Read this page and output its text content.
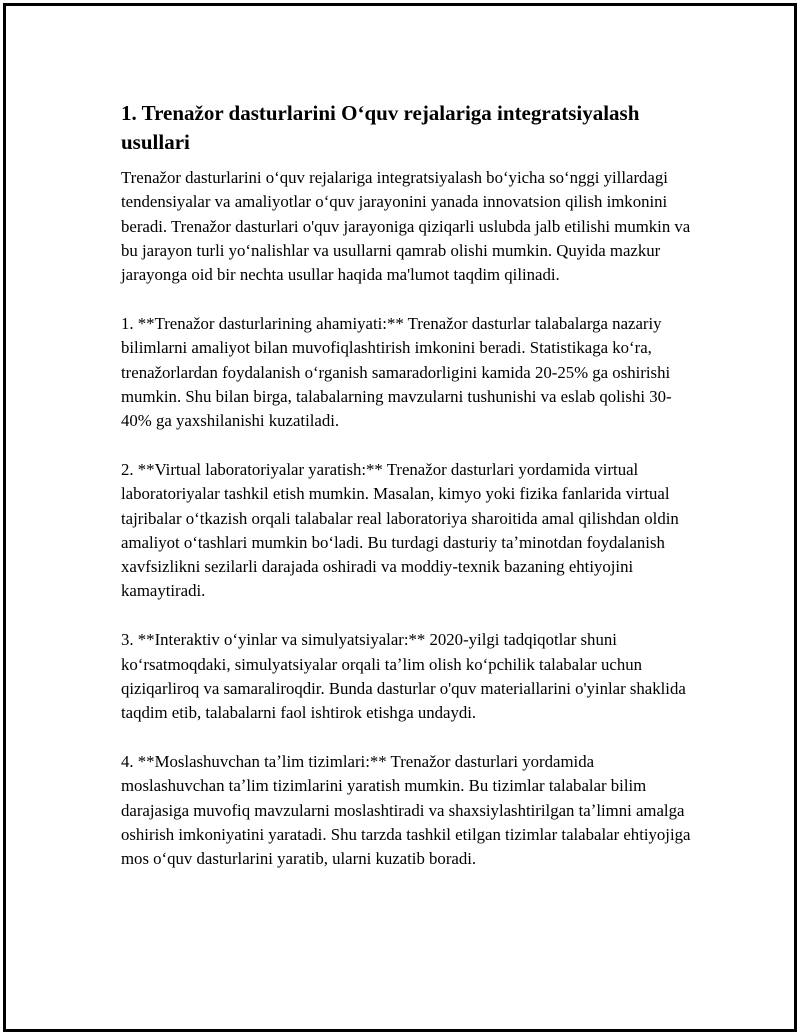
1. Trenažor dasturlarini Oʻquv rejalariga integratsiyalash usullari

Trenažor dasturlarini oʻquv rejalariga integratsiyalash boʻyicha soʻnggi yillardagi tendensiyalar va amaliyotlar oʻquv jarayonini yanada innovatsion qilish imkonini beradi. Trenažor dasturlari o'quv jarayoniga qiziqarli uslubda jalb etilishi mumkin va bu jarayon turli yoʻnalishlar va usullarni qamrab olishi mumkin. Quyida mazkur jarayonga oid bir nechta usullar haqida ma'lumot taqdim qilinadi.

1. **Trenažor dasturlarining ahamiyati:** Trenažor dasturlar talabalarga nazariy bilimlarni amaliyot bilan muvofiqlashtirish imkonini beradi. Statistikaga koʻra, trenažorlardan foydalanish oʻrganish samaradorligini kamida 20-25% ga oshirishi mumkin. Shu bilan birga, talabalarning mavzularni tushunishi va eslab qolishi 30-40% ga yaxshilanishi kuzatiladi.

2. **Virtual laboratoriyalar yaratish:** Trenažor dasturlari yordamida virtual laboratoriyalar tashkil etish mumkin. Masalan, kimyo yoki fizika fanlarida virtual tajribalar oʻtkazish orqali talabalar real laboratoriya sharoitida amal qilishdan oldin amaliyot oʻtashlari mumkin boʻladi. Bu turdagi dasturiy taʼminotdan foydalanish xavfsizlikni sezilarli darajada oshiradi va moddiy-texnik bazaning ehtiyojini kamaytiradi.

3. **Interaktiv oʻyinlar va simulyatsiyalar:** 2020-yilgi tadqiqotlar shuni koʻrsatmoqdaki, simulyatsiyalar orqali taʼlim olish koʻpchilik talabalar uchun qiziqarliroq va samaraliroqdir. Bunda dasturlar o'quv materiallarini o'yinlar shaklida taqdim etib, talabalarni faol ishtirok etishga undaydi.

4. **Moslashuvchan taʼlim tizimlari:** Trenažor dasturlari yordamida moslashuvchan taʼlim tizimlarini yaratish mumkin. Bu tizimlar talabalar bilim darajasiga muvofiq mavzularni moslashtiradi va shaxsiylashtirilgan taʼlimni amalga oshirish imkoniyatini yaratadi. Shu tarzda tashkil etilgan tizimlar talabalar ehtiyojiga mos oʻquv dasturlarini yaratib, ularni kuzatib boradi.
